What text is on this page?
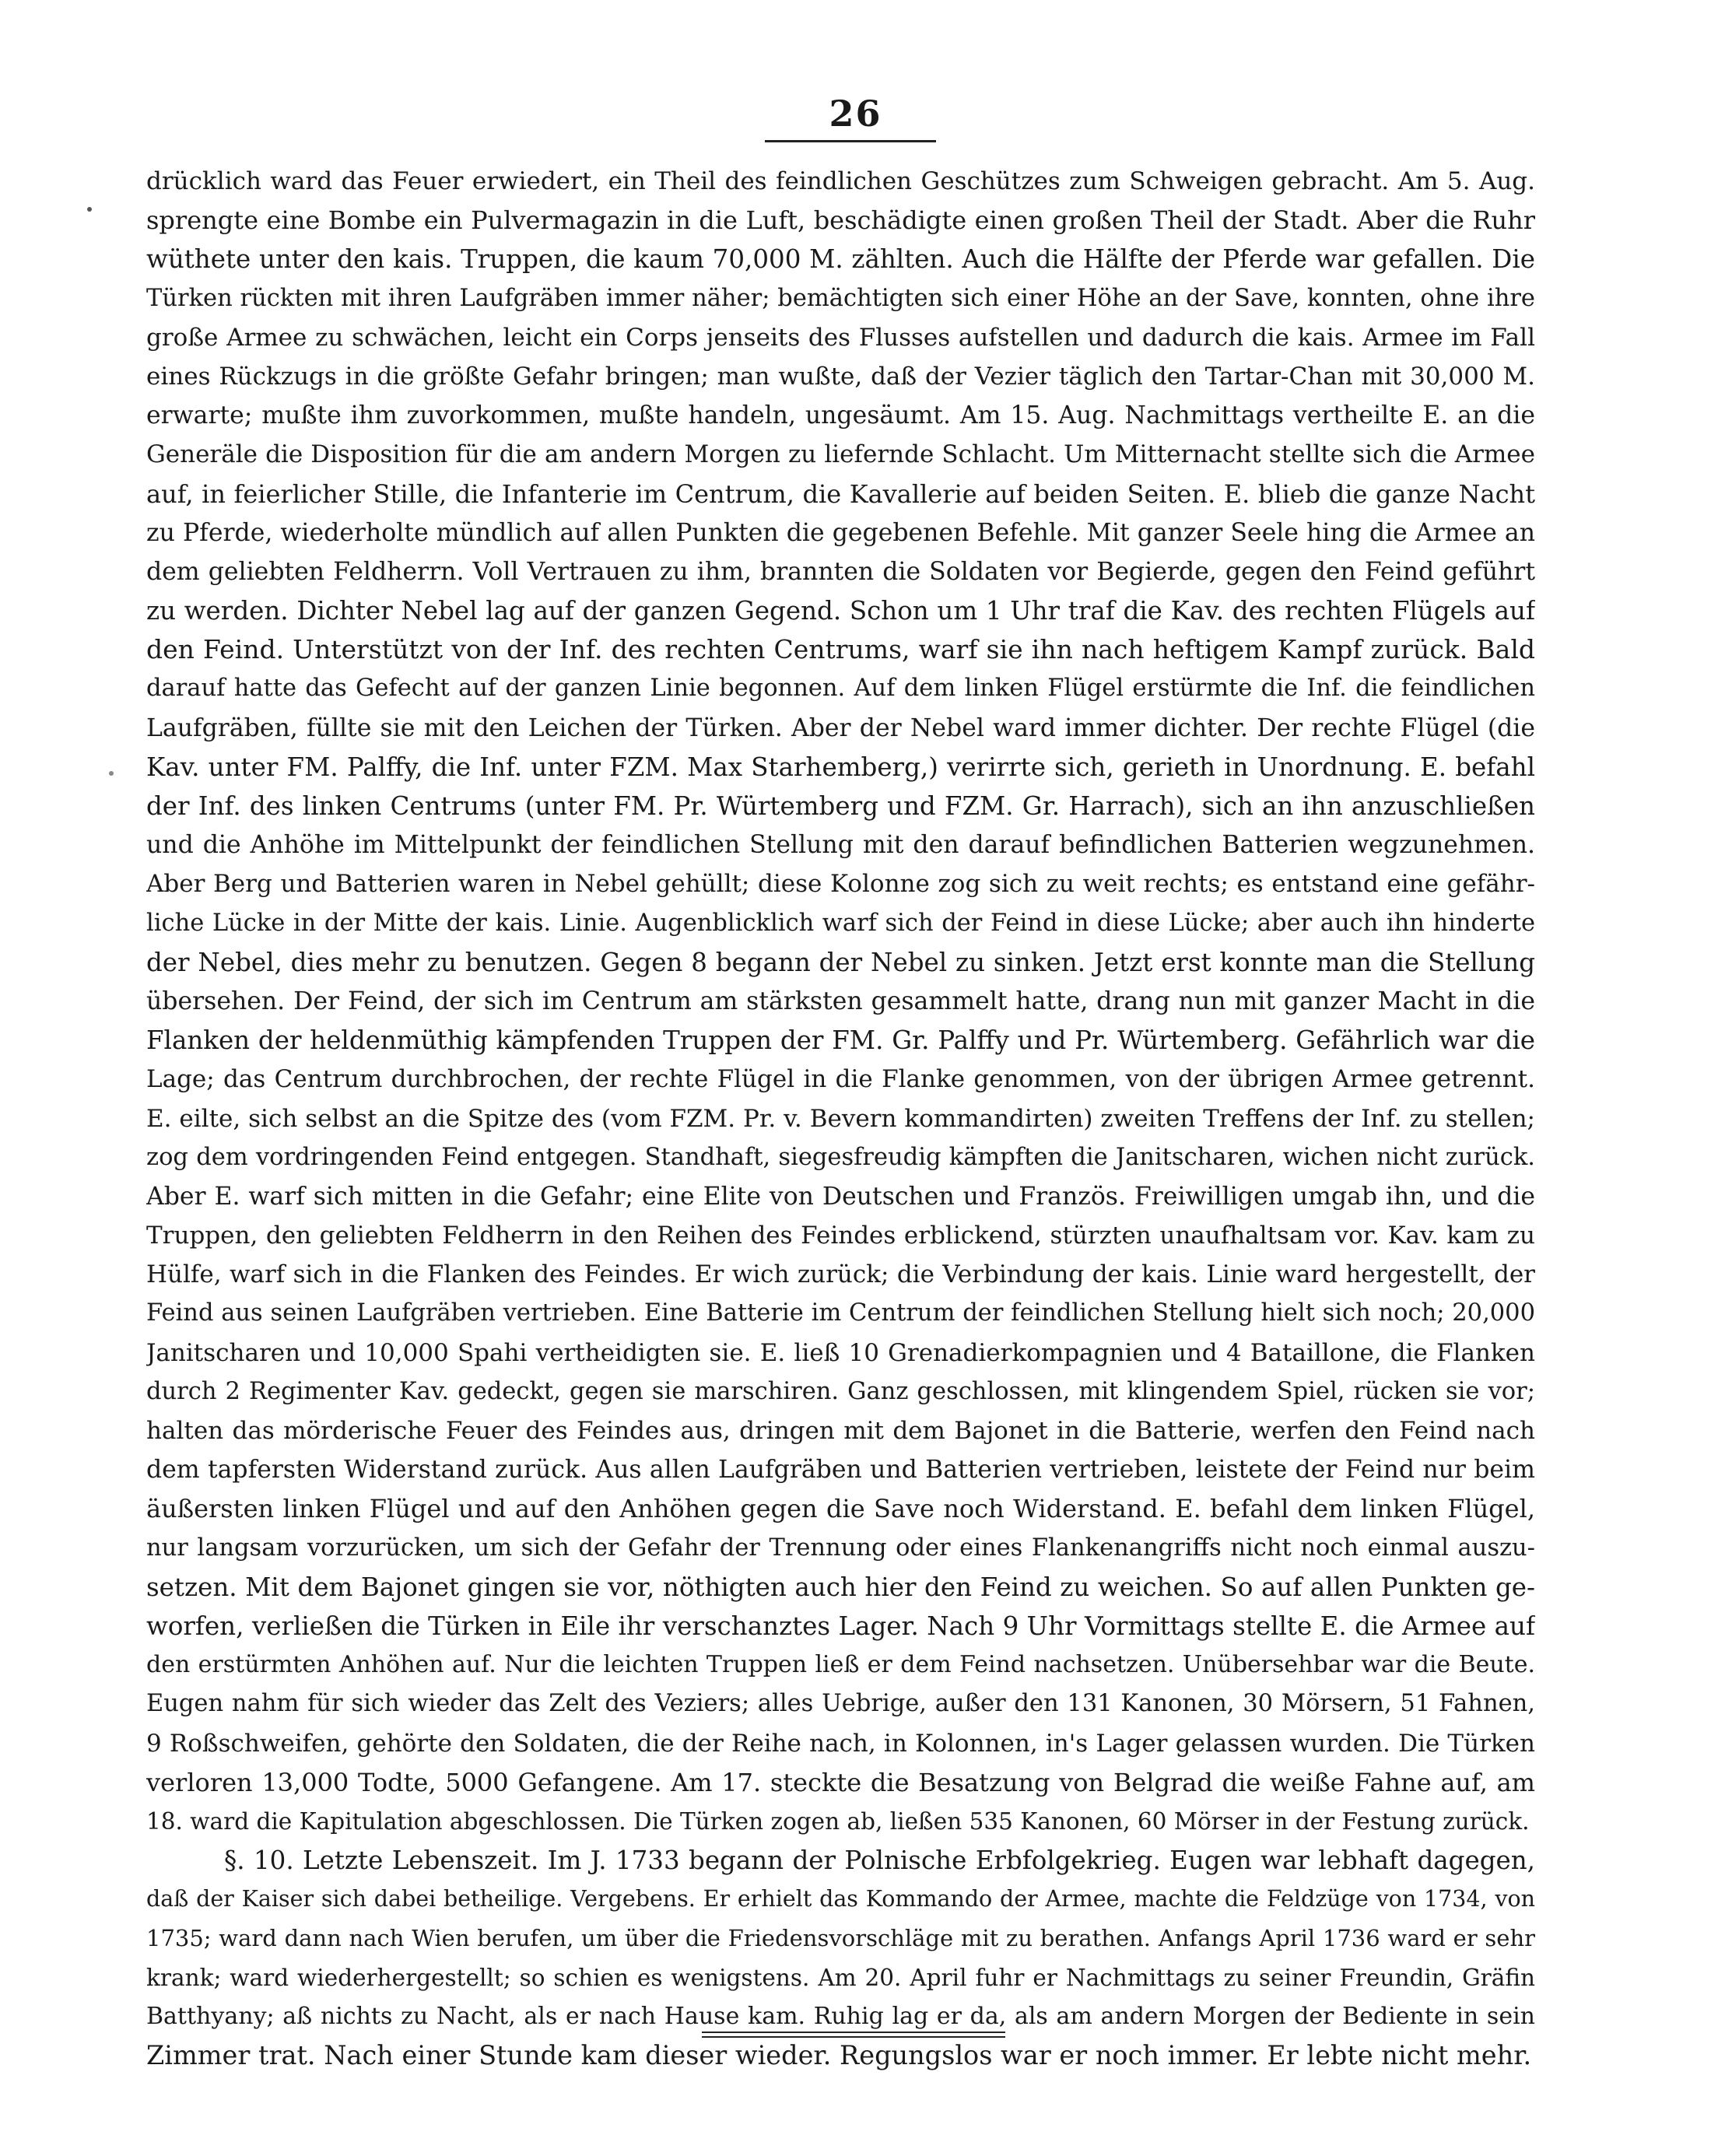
26
drücklich ward das Feuer erwiedert, ein Theil des feindlichen Geschützes zum Schweigen gebracht. Am 5. Aug.
sprengte eine Bombe ein Pulvermagazin in die Luft, beschädigte einen großen Theil der Stadt. Aber die Ruhr
wüthete unter den kais. Truppen, die kaum 70,000 M. zählten. Auch die Hälfte der Pferde war gefallen. Die
Türken rückten mit ihren Laufgräben immer näher; bemächtigten sich einer Höhe an der Save, konnten, ohne ihre
große Armee zu schwächen, leicht ein Corps jenseits des Flusses aufstellen und dadurch die kais. Armee im Fall
eines Rückzugs in die größte Gefahr bringen; man wußte, daß der Vezier täglich den Tartar-Chan mit 30,000 M.
erwarte; mußte ihm zuvorkommen, mußte handeln, ungesäumt. Am 15. Aug. Nachmittags vertheilte E. an die
Generäle die Disposition für die am andern Morgen zu liefernde Schlacht. Um Mitternacht stellte sich die Armee
auf, in feierlicher Stille, die Infanterie im Centrum, die Kavallerie auf beiden Seiten. E. blieb die ganze Nacht
zu Pferde, wiederholte mündlich auf allen Punkten die gegebenen Befehle. Mit ganzer Seele hing die Armee an
dem geliebten Feldherrn. Voll Vertrauen zu ihm, brannten die Soldaten vor Begierde, gegen den Feind geführt
zu werden. Dichter Nebel lag auf der ganzen Gegend. Schon um 1 Uhr traf die Kav. des rechten Flügels auf
den Feind. Unterstützt von der Inf. des rechten Centrums, warf sie ihn nach heftigem Kampf zurück. Bald
darauf hatte das Gefecht auf der ganzen Linie begonnen. Auf dem linken Flügel erstürmte die Inf. die feindlichen
Laufgräben, füllte sie mit den Leichen der Türken. Aber der Nebel ward immer dichter. Der rechte Flügel (die
Kav. unter FM. Palffy, die Inf. unter FZM. Max Starhemberg,) verirrte sich, gerieth in Unordnung. E. befahl
der Inf. des linken Centrums (unter FM. Pr. Würtemberg und FZM. Gr. Harrach), sich an ihn anzuschließen
und die Anhöhe im Mittelpunkt der feindlichen Stellung mit den darauf befindlichen Batterien wegzunehmen.
Aber Berg und Batterien waren in Nebel gehüllt; diese Kolonne zog sich zu weit rechts; es entstand eine gefähr-
liche Lücke in der Mitte der kais. Linie. Augenblicklich warf sich der Feind in diese Lücke; aber auch ihn hinderte
der Nebel, dies mehr zu benutzen. Gegen 8 begann der Nebel zu sinken. Jetzt erst konnte man die Stellung
übersehen. Der Feind, der sich im Centrum am stärksten gesammelt hatte, drang nun mit ganzer Macht in die
Flanken der heldenmüthig kämpfenden Truppen der FM. Gr. Palffy und Pr. Würtemberg. Gefährlich war die
Lage; das Centrum durchbrochen, der rechte Flügel in die Flanke genommen, von der übrigen Armee getrennt.
E. eilte, sich selbst an die Spitze des (vom FZM. Pr. v. Bevern kommandirten) zweiten Treffens der Inf. zu stellen;
zog dem vordringenden Feind entgegen. Standhaft, siegesfreudig kämpften die Janitscharen, wichen nicht zurück.
Aber E. warf sich mitten in die Gefahr; eine Elite von Deutschen und Französ. Freiwilligen umgab ihn, und die
Truppen, den geliebten Feldherrn in den Reihen des Feindes erblickend, stürzten unaufhaltsam vor. Kav. kam zu
Hülfe, warf sich in die Flanken des Feindes. Er wich zurück; die Verbindung der kais. Linie ward hergestellt, der
Feind aus seinen Laufgräben vertrieben. Eine Batterie im Centrum der feindlichen Stellung hielt sich noch; 20,000
Janitscharen und 10,000 Spahi vertheidigten sie. E. ließ 10 Grenadierkompagnien und 4 Bataillone, die Flanken
durch 2 Regimenter Kav. gedeckt, gegen sie marschiren. Ganz geschlossen, mit klingendem Spiel, rücken sie vor;
halten das mörderische Feuer des Feindes aus, dringen mit dem Bajonet in die Batterie, werfen den Feind nach
dem tapfersten Widerstand zurück. Aus allen Laufgräben und Batterien vertrieben, leistete der Feind nur beim
äußersten linken Flügel und auf den Anhöhen gegen die Save noch Widerstand. E. befahl dem linken Flügel,
nur langsam vorzurücken, um sich der Gefahr der Trennung oder eines Flankenangriffs nicht noch einmal auszu-
setzen. Mit dem Bajonet gingen sie vor, nöthigten auch hier den Feind zu weichen. So auf allen Punkten ge-
worfen, verließen die Türken in Eile ihr verschanztes Lager. Nach 9 Uhr Vormittags stellte E. die Armee auf
den erstürmten Anhöhen auf. Nur die leichten Truppen ließ er dem Feind nachsetzen. Unübersehbar war die Beute.
Eugen nahm für sich wieder das Zelt des Veziers; alles Uebrige, außer den 131 Kanonen, 30 Mörsern, 51 Fahnen,
9 Roßschweifen, gehörte den Soldaten, die der Reihe nach, in Kolonnen, in's Lager gelassen wurden. Die Türken
verloren 13,000 Todte, 5000 Gefangene. Am 17. steckte die Besatzung von Belgrad die weiße Fahne auf, am
18. ward die Kapitulation abgeschlossen. Die Türken zogen ab, ließen 535 Kanonen, 60 Mörser in der Festung zurück.
§. 10. Letzte Lebenszeit. Im J. 1733 begann der Polnische Erbfolgekrieg. Eugen war lebhaft dagegen,
daß der Kaiser sich dabei betheilige. Vergebens. Er erhielt das Kommando der Armee, machte die Feldzüge von 1734, von
1735; ward dann nach Wien berufen, um über die Friedensvorschläge mit zu berathen. Anfangs April 1736 ward er sehr
krank; ward wiederhergestellt; so schien es wenigstens. Am 20. April fuhr er Nachmittags zu seiner Freundin, Gräfin
Batthyany; aß nichts zu Nacht, als er nach Hause kam. Ruhig lag er da, als am andern Morgen der Bediente in sein
Zimmer trat. Nach einer Stunde kam dieser wieder. Regungslos war er noch immer. Er lebte nicht mehr.
